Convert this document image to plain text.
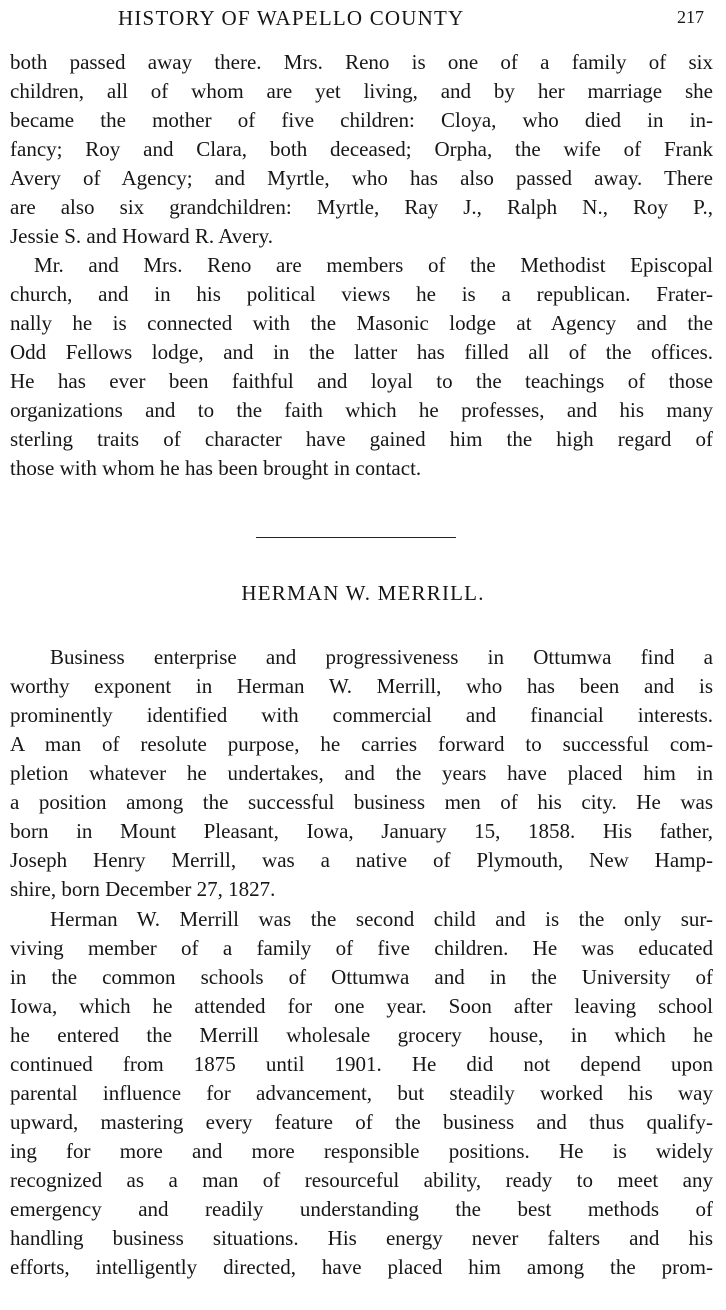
HISTORY OF WAPELLO COUNTY	217
both passed away there. Mrs. Reno is one of a family of six
children, all of whom are yet living, and by her marriage she
became the mother of five children: Cloya, who died in in-
fancy; Roy and Clara, both deceased; Orpha, the wife of Frank
Avery of Agency; and Myrtle, who has also passed away. There
are also six grandchildren: Myrtle, Ray J., Ralph N., Roy P.,
Jessie S. and Howard R. Avery.
Mr. and Mrs. Reno are members of the Methodist Episcopal
church, and in his political views he is a republican. Frater-
nally he is connected with the Masonic lodge at Agency and the
Odd Fellows lodge, and in the latter has filled all of the offices.
He has ever been faithful and loyal to the teachings of those
organizations and to the faith which he professes, and his many
sterling traits of character have gained him the high regard of
those with whom he has been brought in contact.
HERMAN W. MERRILL.
Business enterprise and progressiveness in Ottumwa find a
worthy exponent in Herman W. Merrill, who has been and is
prominently identified with commercial and financial interests.
A man of resolute purpose, he carries forward to successful com-
pletion whatever he undertakes, and the years have placed him in
a position among the successful business men of his city. He was
born in Mount Pleasant, Iowa, January 15, 1858. His father,
Joseph Henry Merrill, was a native of Plymouth, New Hamp-
shire, born December 27, 1827.
Herman W. Merrill was the second child and is the only sur-
viving member of a family of five children. He was educated
in the common schools of Ottumwa and in the University of
Iowa, which he attended for one year. Soon after leaving school
he entered the Merrill wholesale grocery house, in which he
continued from 1875 until 1901. He did not depend upon
parental influence for advancement, but steadily worked his way
upward, mastering every feature of the business and thus qualify-
ing for more and more responsible positions. He is widely
recognized as a man of resourceful ability, ready to meet any
emergency and readily understanding the best methods of
handling business situations. His energy never falters and his
efforts, intelligently directed, have placed him among the prom-
